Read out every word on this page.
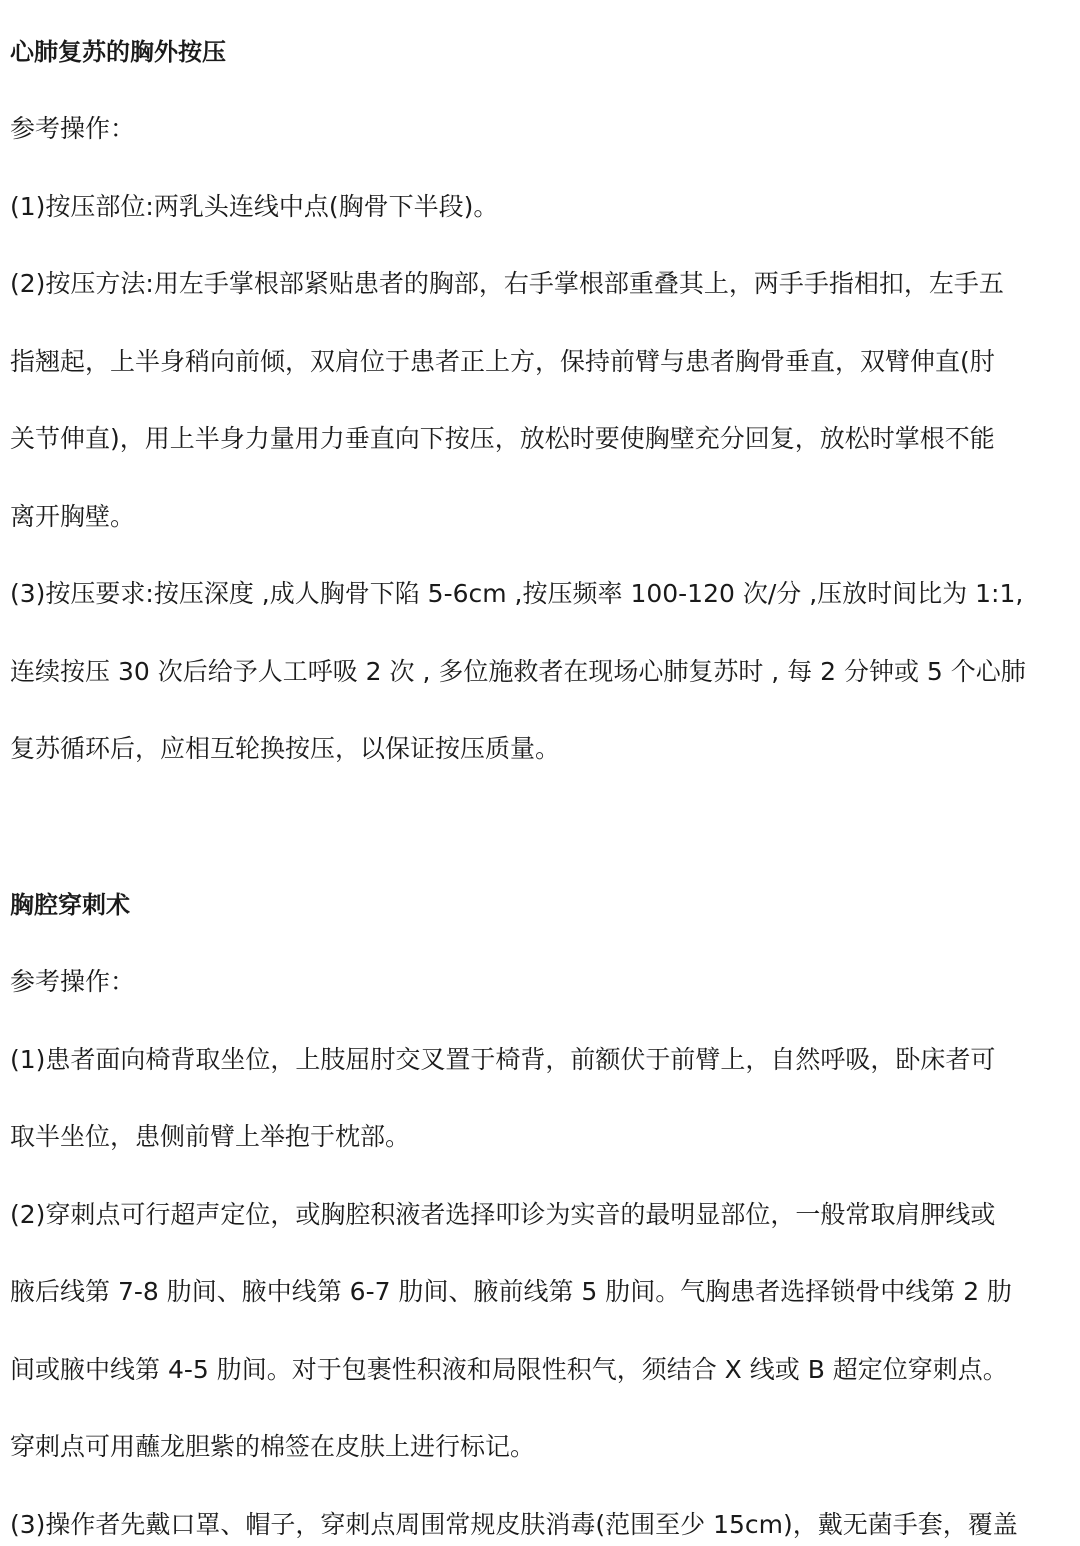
心肺复苏的胸外按压
参考操作：
(1)按压部位:两乳头连线中点(胸骨下半段)。
(2)按压方法:用左手掌根部紧贴患者的胸部，右手掌根部重叠其上，两手手指相扣，左手五
指翘起，上半身稍向前倾，双肩位于患者正上方，保持前臂与患者胸骨垂直，双臂伸直(肘
关节伸直)，用上半身力量用力垂直向下按压，放松时要使胸壁充分回复，放松时掌根不能
离开胸壁。
(3)按压要求:按压深度 ,成人胸骨下陷 5-6cm ,按压频率 100-120 次/分 ,压放时间比为 1:1,
连续按压 30 次后给予人工呼吸 2 次 , 多位施救者在现场心肺复苏时 , 每 2 分钟或 5 个心肺
复苏循环后，应相互轮换按压，以保证按压质量。
胸腔穿刺术
参考操作：
(1)患者面向椅背取坐位，上肢屈肘交叉置于椅背，前额伏于前臂上，自然呼吸，卧床者可
取半坐位，患侧前臂上举抱于枕部。
(2)穿刺点可行超声定位，或胸腔积液者选择叩诊为实音的最明显部位，一般常取肩胛线或
腋后线第 7-8 肋间、腋中线第 6-7 肋间、腋前线第 5 肋间。气胸患者选择锁骨中线第 2 肋
间或腋中线第 4-5 肋间。对于包裹性积液和局限性积气，须结合 X 线或 B 超定位穿刺点。
穿刺点可用蘸龙胆紫的棉签在皮肤上进行标记。
(3)操作者先戴口罩、帽子，穿刺点周围常规皮肤消毒(范围至少 15cm)，戴无菌手套，覆盖
